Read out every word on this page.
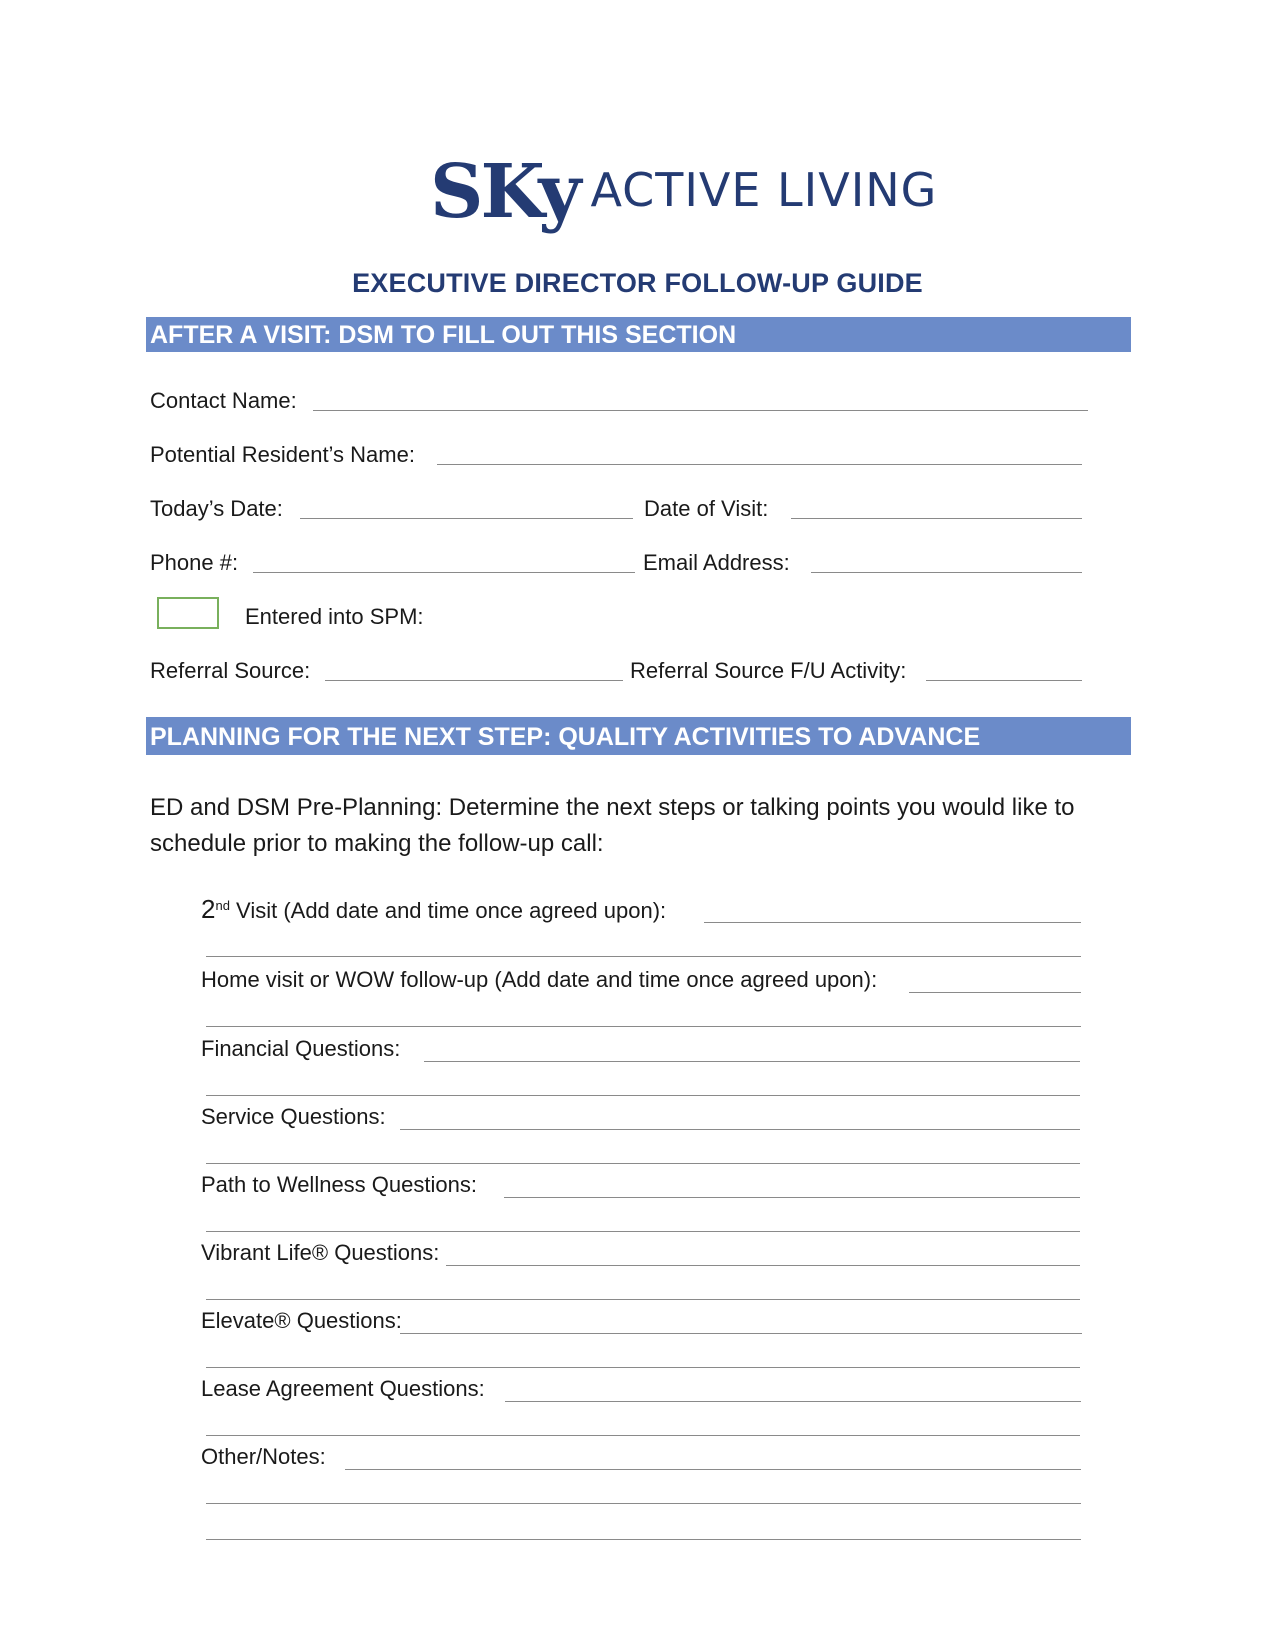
SKy ACTIVE LIVING
EXECUTIVE DIRECTOR FOLLOW-UP GUIDE
AFTER A VISIT: DSM TO FILL OUT THIS SECTION
Contact Name:
Potential Resident’s Name:
Today’s Date:	Date of Visit:
Phone #:	Email Address:
Entered into SPM:
Referral Source:	Referral Source F/U Activity:
PLANNING FOR THE NEXT STEP: QUALITY ACTIVITIES TO ADVANCE
ED and DSM Pre-Planning: Determine the next steps or talking points you would like to schedule prior to making the follow-up call:
2nd Visit (Add date and time once agreed upon):
Home visit or WOW follow-up (Add date and time once agreed upon):
Financial Questions:
Service Questions:
Path to Wellness Questions:
Vibrant Life® Questions:
Elevate® Questions:
Lease Agreement Questions:
Other/Notes:
